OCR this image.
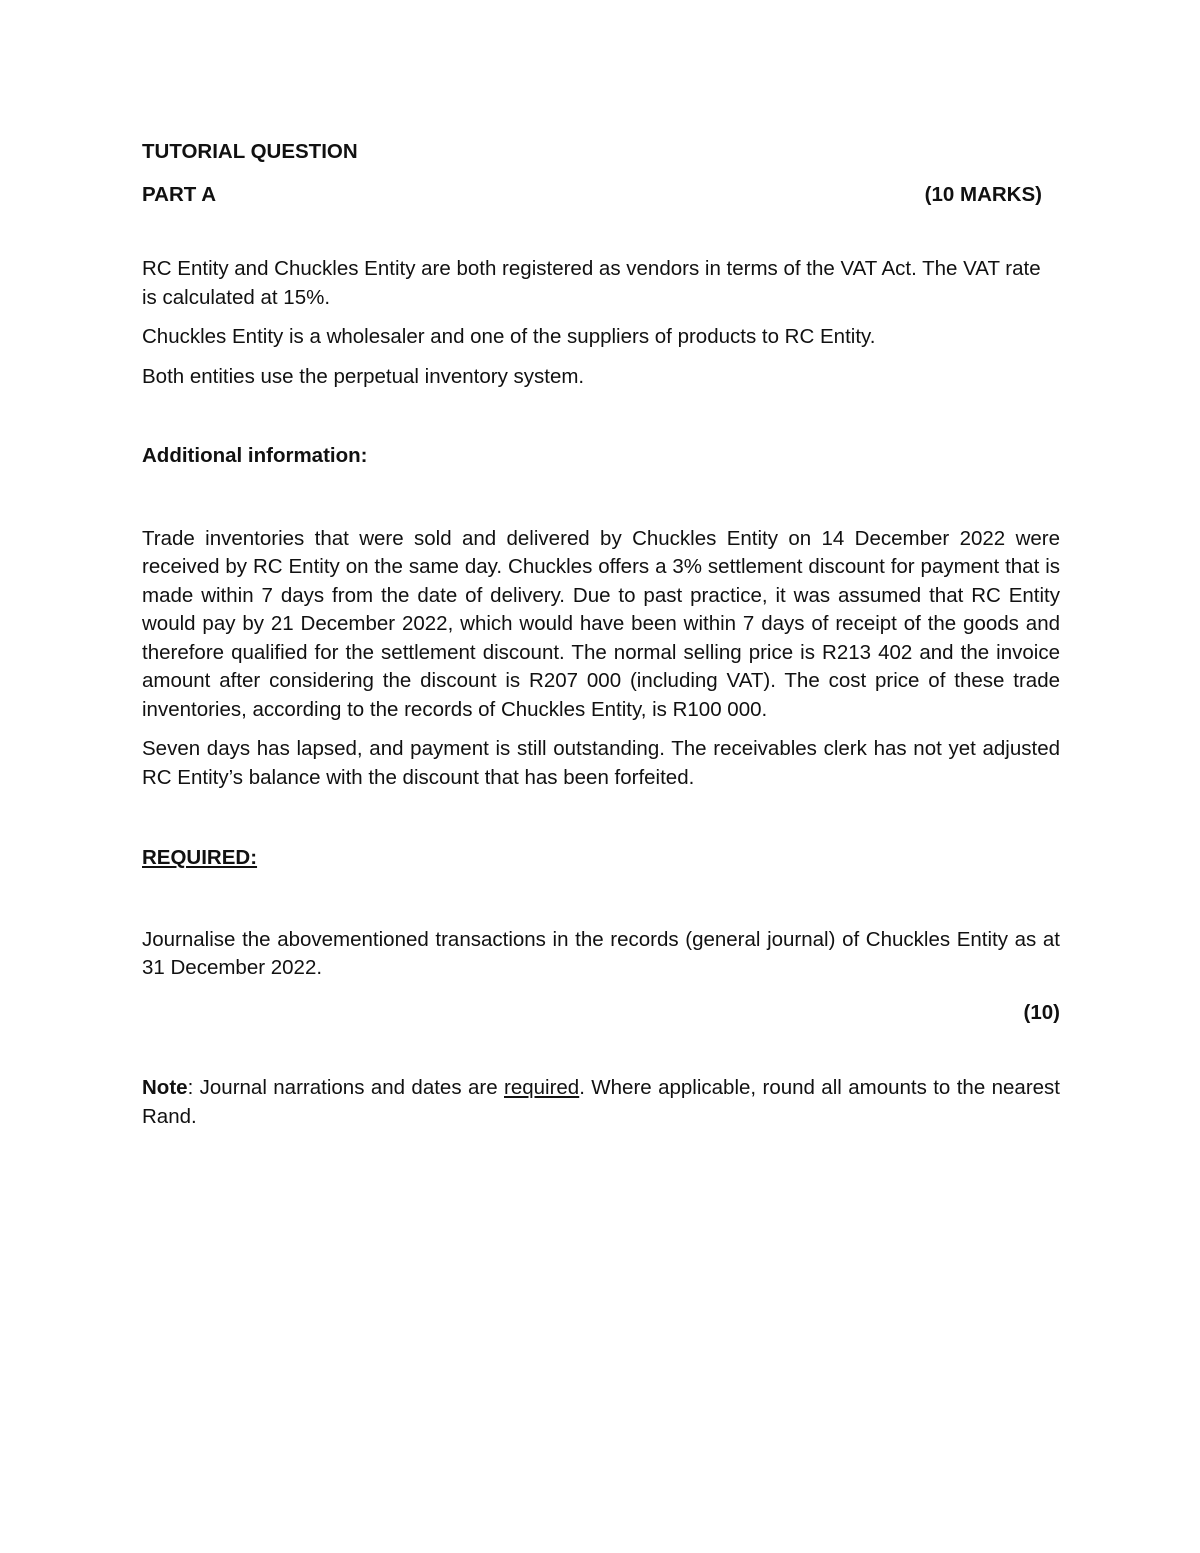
TUTORIAL QUESTION

PART A	(10 MARKS)

RC Entity and Chuckles Entity are both registered as vendors in terms of the VAT Act. The VAT rate is calculated at 15%.

Chuckles Entity is a wholesaler and one of the suppliers of products to RC Entity.

Both entities use the perpetual inventory system.

Additional information:

Trade inventories that were sold and delivered by Chuckles Entity on 14 December 2022 were received by RC Entity on the same day. Chuckles offers a 3% settlement discount for payment that is made within 7 days from the date of delivery. Due to past practice, it was assumed that RC Entity would pay by 21 December 2022, which would have been within 7 days of receipt of the goods and therefore qualified for the settlement discount. The normal selling price is R213 402 and the invoice amount after considering the discount is R207 000 (including VAT). The cost price of these trade inventories, according to the records of Chuckles Entity, is R100 000.

Seven days has lapsed, and payment is still outstanding. The receivables clerk has not yet adjusted RC Entity’s balance with the discount that has been forfeited.

REQUIRED:

Journalise the abovementioned transactions in the records (general journal) of Chuckles Entity as at 31 December 2022.

(10)

Note: Journal narrations and dates are required. Where applicable, round all amounts to the nearest Rand.
